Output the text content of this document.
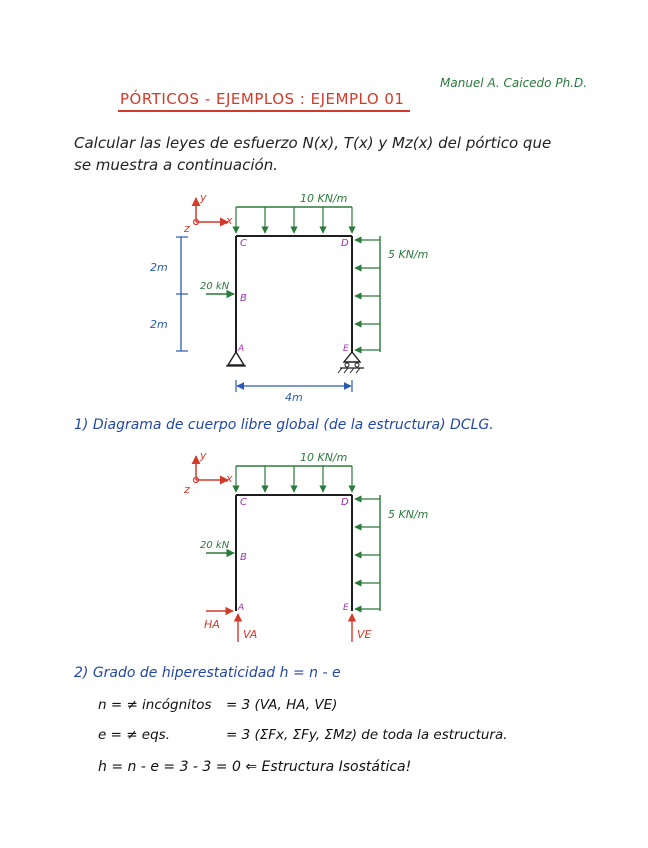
Manuel A. Caicedo Ph.D.
PÓRTICOS - EJEMPLOS : EJEMPLO 01
Calcular las leyes de esfuerzo N(x), T(x) y Mz(x) del pórtico que
se muestra a continuación.
y
x
z
10 KN/m
5 KN/m
20 kN
C	D
B
A	E
2m
2m
4m
1) Diagrama de cuerpo libre global (de la estructura) DCLG.
y
x
z
10 KN/m
5 KN/m
20 kN
C	D
B
A	E
HA
VA	VE
2) Grado de hiperestaticidad h = n - e
n = ≠ incógnitos = 3 (VA, HA, VE)
e = ≠ eqs.	= 3 (ΣFx, ΣFy, ΣMz) de toda la estructura.
h = n - e = 3 - 3 = 0 ⇐ Estructura Isostática!
